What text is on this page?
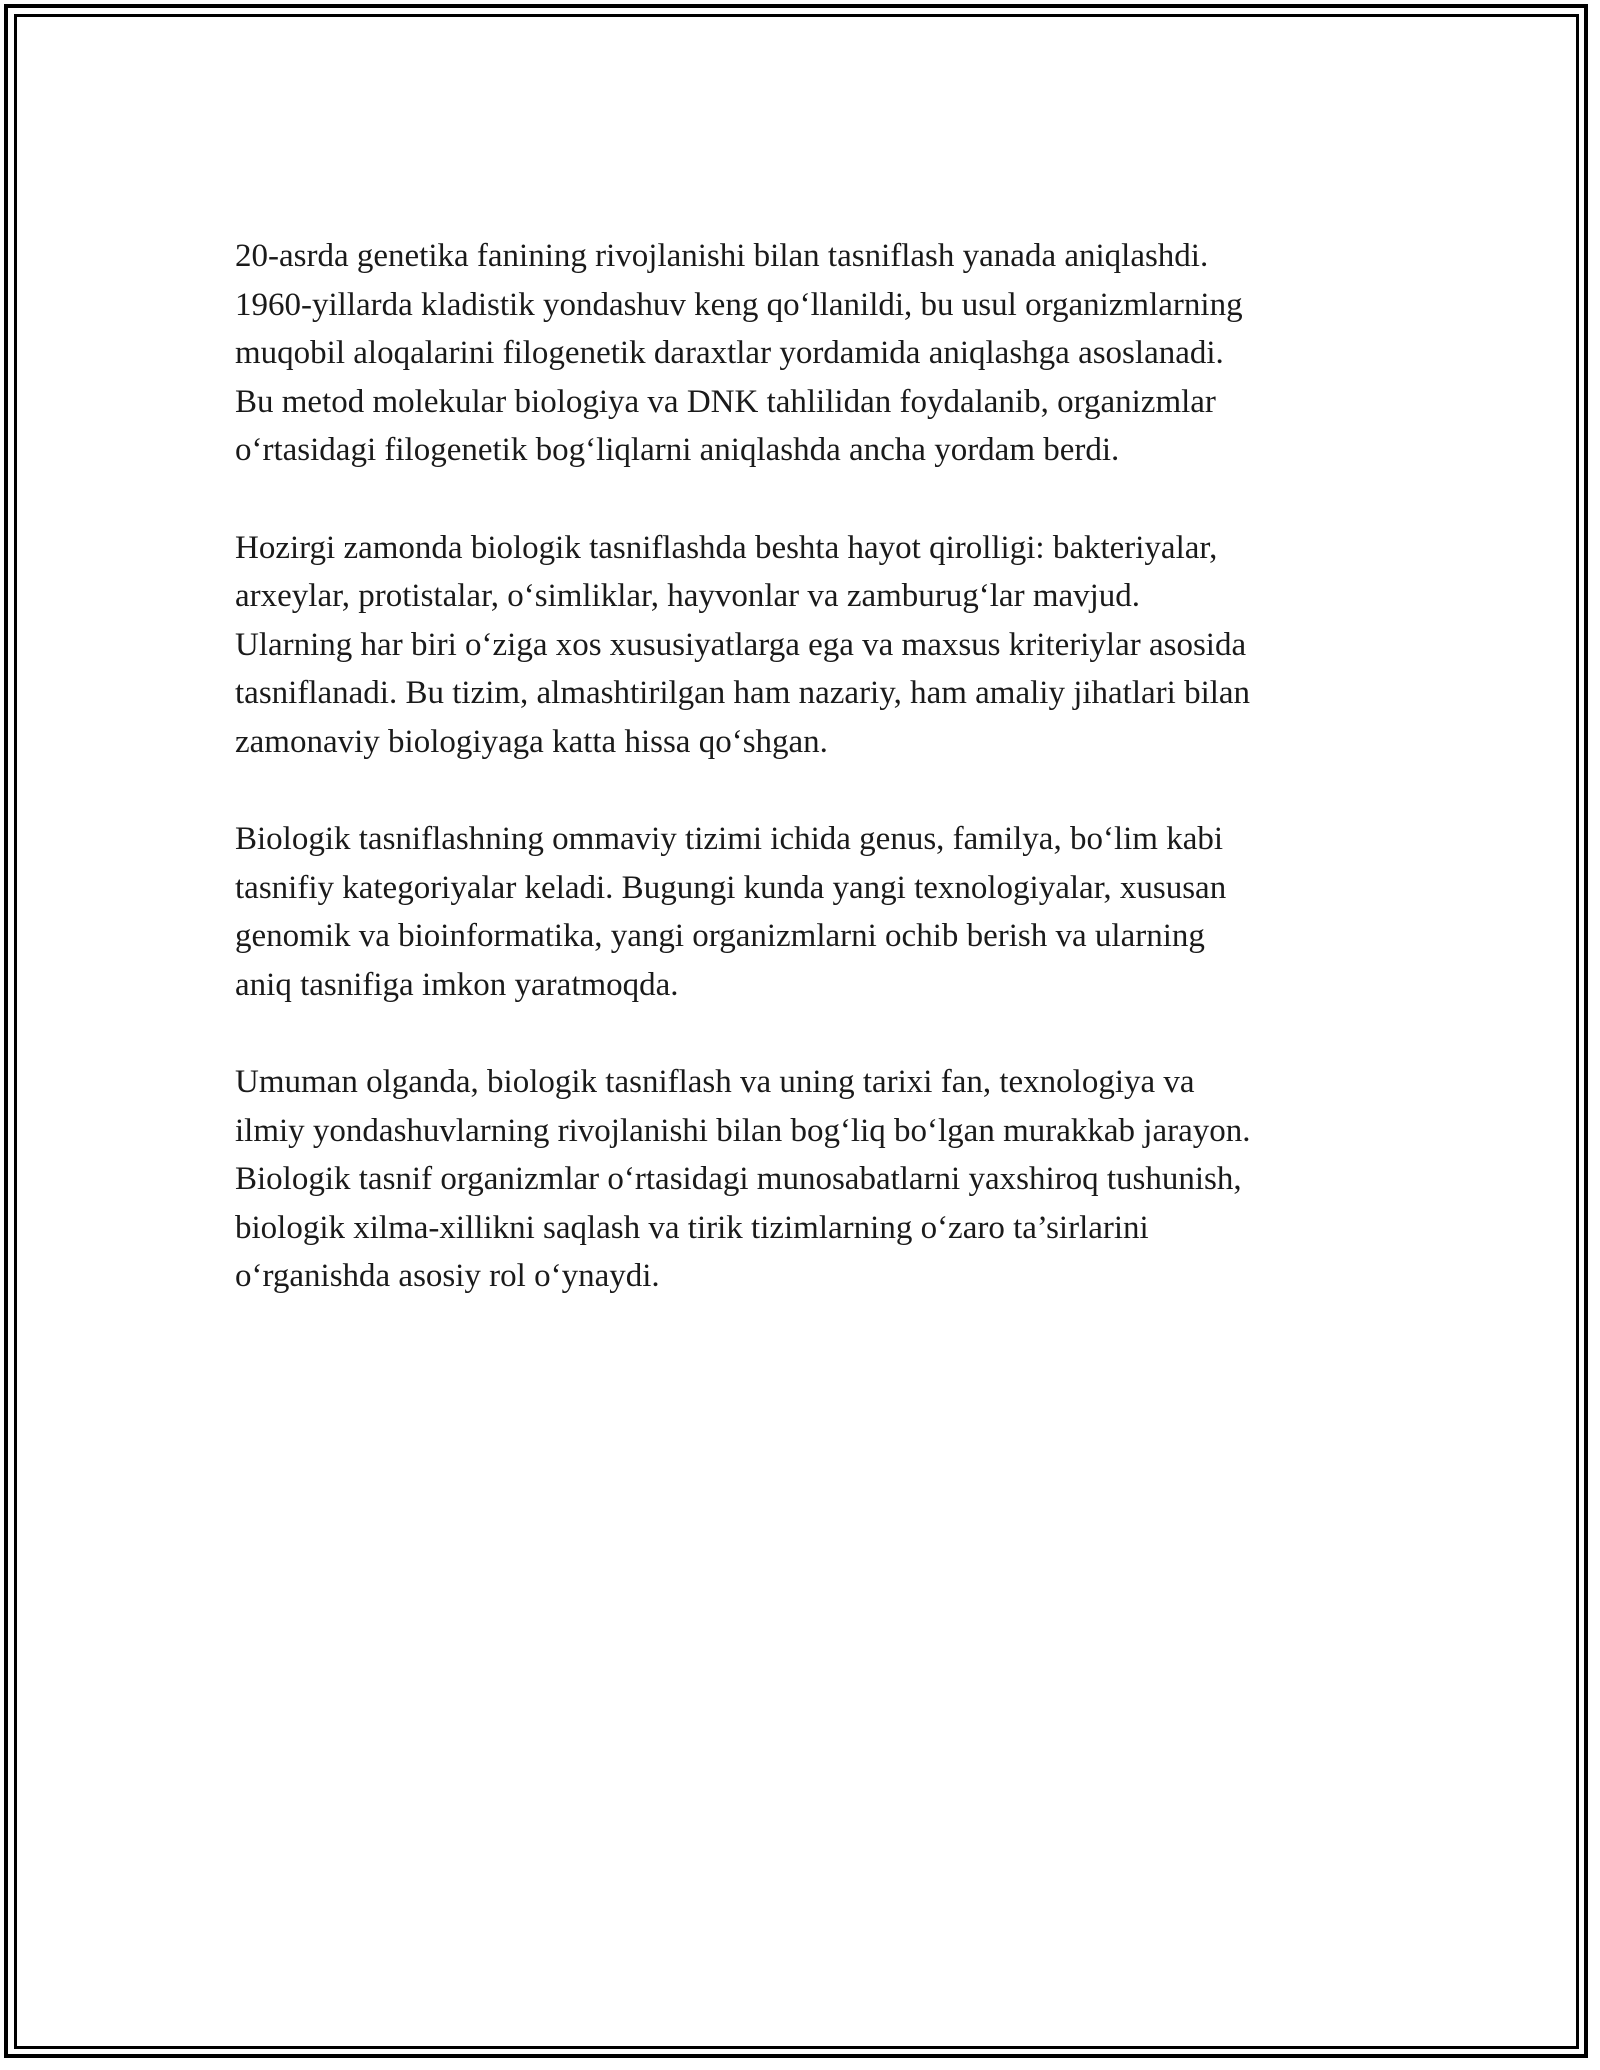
20-asrda genetika fanining rivojlanishi bilan tasniflash yanada aniqlashdi.
1960-yillarda kladistik yondashuv keng qo‘llanildi, bu usul organizmlarning
muqobil aloqalarini filogenetik daraxtlar yordamida aniqlashga asoslanadi.
Bu metod molekular biologiya va DNK tahlilidan foydalanib, organizmlar
o‘rtasidagi filogenetik bog‘liqlarni aniqlashda ancha yordam berdi.

Hozirgi zamonda biologik tasniflashda beshta hayot qirolligi: bakteriyalar,
arxeylar, protistalar, o‘simliklar, hayvonlar va zamburug‘lar mavjud.
Ularning har biri o‘ziga xos xususiyatlarga ega va maxsus kriteriylar asosida
tasniflanadi. Bu tizim, almashtirilgan ham nazariy, ham amaliy jihatlari bilan
zamonaviy biologiyaga katta hissa qo‘shgan.

Biologik tasniflashning ommaviy tizimi ichida genus, familya, bo‘lim kabi
tasnifiy kategoriyalar keladi. Bugungi kunda yangi texnologiyalar, xususan
genomik va bioinformatika, yangi organizmlarni ochib berish va ularning
aniq tasnifiga imkon yaratmoqda.

Umuman olganda, biologik tasniflash va uning tarixi fan, texnologiya va
ilmiy yondashuvlarning rivojlanishi bilan bog‘liq bo‘lgan murakkab jarayon.
Biologik tasnif organizmlar o‘rtasidagi munosabatlarni yaxshiroq tushunish,
biologik xilma-xillikni saqlash va tirik tizimlarning o‘zaro ta’sirlarini
o‘rganishda asosiy rol o‘ynaydi.
